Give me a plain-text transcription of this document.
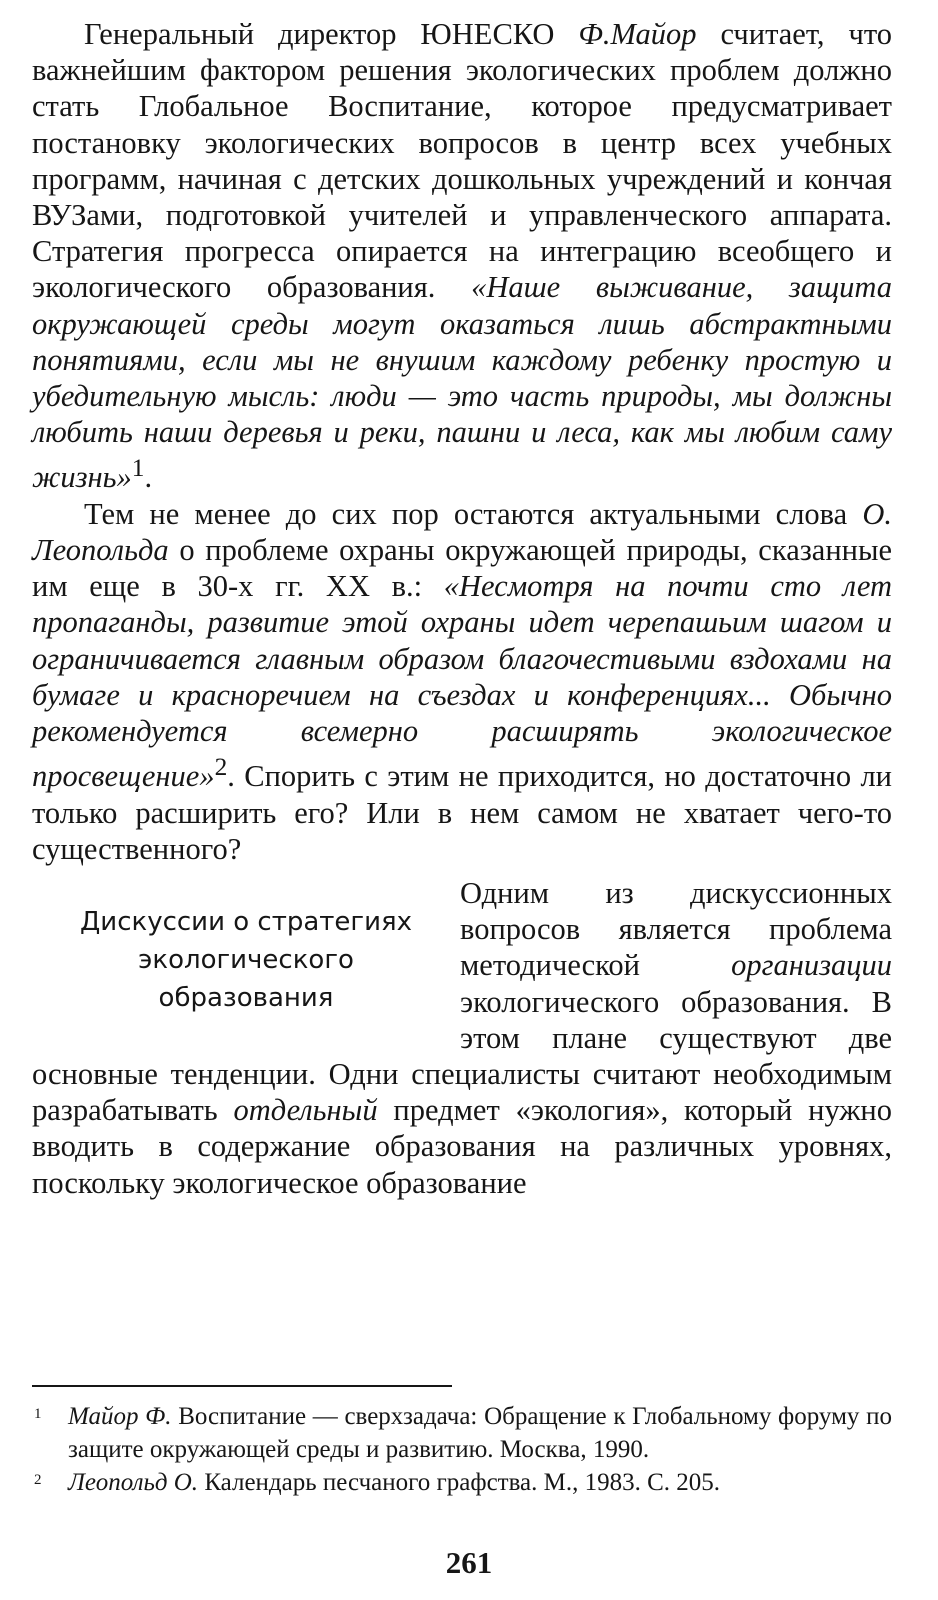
Генеральный директор ЮНЕСКО Ф.Майор считает, что важнейшим фактором решения экологических проблем должно стать Глобальное Воспитание, которое предусматривает постановку экологических вопросов в центр всех учебных программ, начиная с детских дошкольных учреждений и кончая ВУЗами, подготовкой учителей и управленческого аппарата. Стратегия прогресса опирается на интеграцию всеобщего и экологического образования. «Наше выживание, защита окружающей среды могут оказаться лишь абстрактными понятиями, если мы не внушим каждому ребенку простую и убедительную мысль: люди — это часть природы, мы должны любить наши деревья и реки, пашни и леса, как мы любим саму жизнь»$^1$.

Тем не менее до сих пор остаются актуальными слова О. Леопольда о проблеме охраны окружающей природы, сказанные им еще в 30-х гг. XX в.: «Несмотря на почти сто лет пропаганды, развитие этой охраны идет черепашьим шагом и ограничивается главным образом благочестивыми вздохами на бумаге и красноречием на съездах и конференциях... Обычно рекомендуется всемерно расширять экологическое просвещение»$^2$. Спорить с этим не приходится, но достаточно ли только расширить его? Или в нем самом не хватает чего-то существенного?

Дискуссии о стратегиях
экологического
образования

Одним из дискуссионных вопросов является проблема методической организации экологического образования. В этом плане существуют две основные тенденции. Одни специалисты считают необходимым разрабатывать отдельный предмет «экология», который нужно вводить в содержание образования на различных уровнях, поскольку экологическое образование

1 Майор Ф. Воспитание — сверхзадача: Обращение к Глобальному форуму по защите окружающей среды и развитию. Москва, 1990.
2 Леопольд О. Календарь песчаного графства. М., 1983. С. 205.
261
